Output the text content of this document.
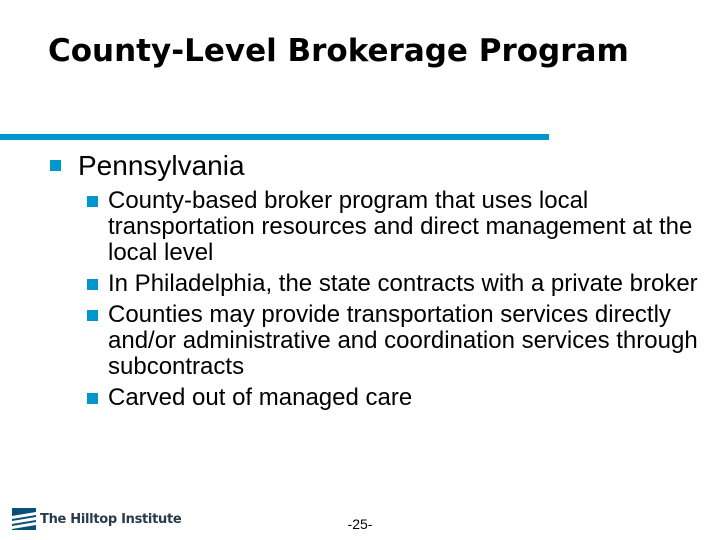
County-Level Brokerage Program
Pennsylvania
County-based broker program that uses local transportation resources and direct management at the local level
In Philadelphia, the state contracts with a private broker
Counties may provide transportation services directly and/or administrative and coordination services through subcontracts
Carved out of managed care
The Hilltop Institute	-25-
